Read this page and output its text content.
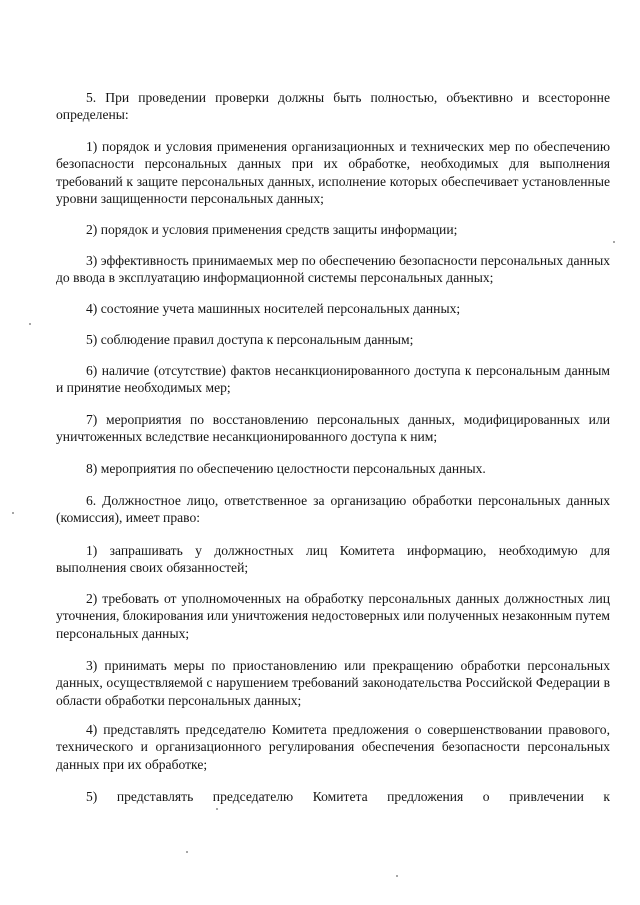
5. При проведении проверки должны быть полностью, объективно и всесторонне определены:

1) порядок и условия применения организационных и технических мер по обеспечению безопасности персональных данных при их обработке, необходимых для выполнения требований к защите персональных данных, исполнение которых обеспечивает установленные уровни защищенности персональных данных;

2) порядок и условия применения средств защиты информации;

3) эффективность принимаемых мер по обеспечению безопасности персональных данных до ввода в эксплуатацию информационной системы персональных данных;

4) состояние учета машинных носителей персональных данных;

5) соблюдение правил доступа к персональным данным;

6) наличие (отсутствие) фактов несанкционированного доступа к персональным данным и принятие необходимых мер;

7) мероприятия по восстановлению персональных данных, модифицированных или уничтоженных вследствие несанкционированного доступа к ним;

8) мероприятия по обеспечению целостности персональных данных.

6. Должностное лицо, ответственное за организацию обработки персональных данных (комиссия), имеет право:

1) запрашивать у должностных лиц Комитета информацию, необходимую для выполнения своих обязанностей;

2) требовать от уполномоченных на обработку персональных данных должностных лиц уточнения, блокирования или уничтожения недостоверных или полученных незаконным путем персональных данных;

3) принимать меры по приостановлению или прекращению обработки персональных данных, осуществляемой с нарушением требований законодательства Российской Федерации в области обработки персональных данных;

4) представлять председателю Комитета предложения о совершенствовании правового, технического и организационного регулирования обеспечения безопасности персональных данных при их обработке;

5) представлять председателю Комитета предложения о привлечении к
